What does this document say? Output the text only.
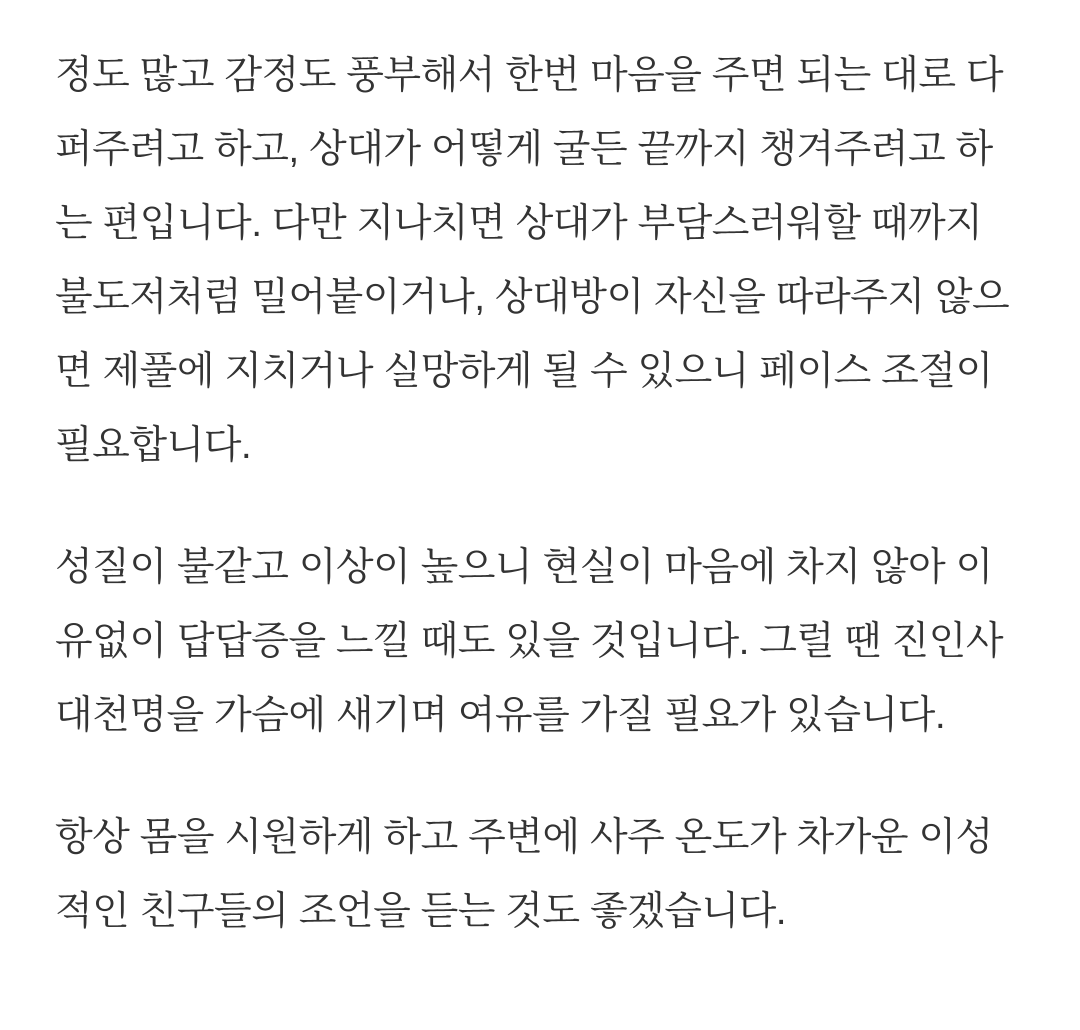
정도 많고 감정도 풍부해서 한번 마음을 주면 되는 대로 다
퍼주려고 하고, 상대가 어떻게 굴든 끝까지 챙겨주려고 하
는 편입니다. 다만 지나치면 상대가 부담스러워할 때까지
불도저처럼 밀어붙이거나, 상대방이 자신을 따라주지 않으
면 제풀에 지치거나 실망하게 될 수 있으니 페이스 조절이
필요합니다.

성질이 불같고 이상이 높으니 현실이 마음에 차지 않아 이
유없이 답답증을 느낄 때도 있을 것입니다. 그럴 땐 진인사
대천명을 가슴에 새기며 여유를 가질 필요가 있습니다.

항상 몸을 시원하게 하고 주변에 사주 온도가 차가운 이성
적인 친구들의 조언을 듣는 것도 좋겠습니다.
